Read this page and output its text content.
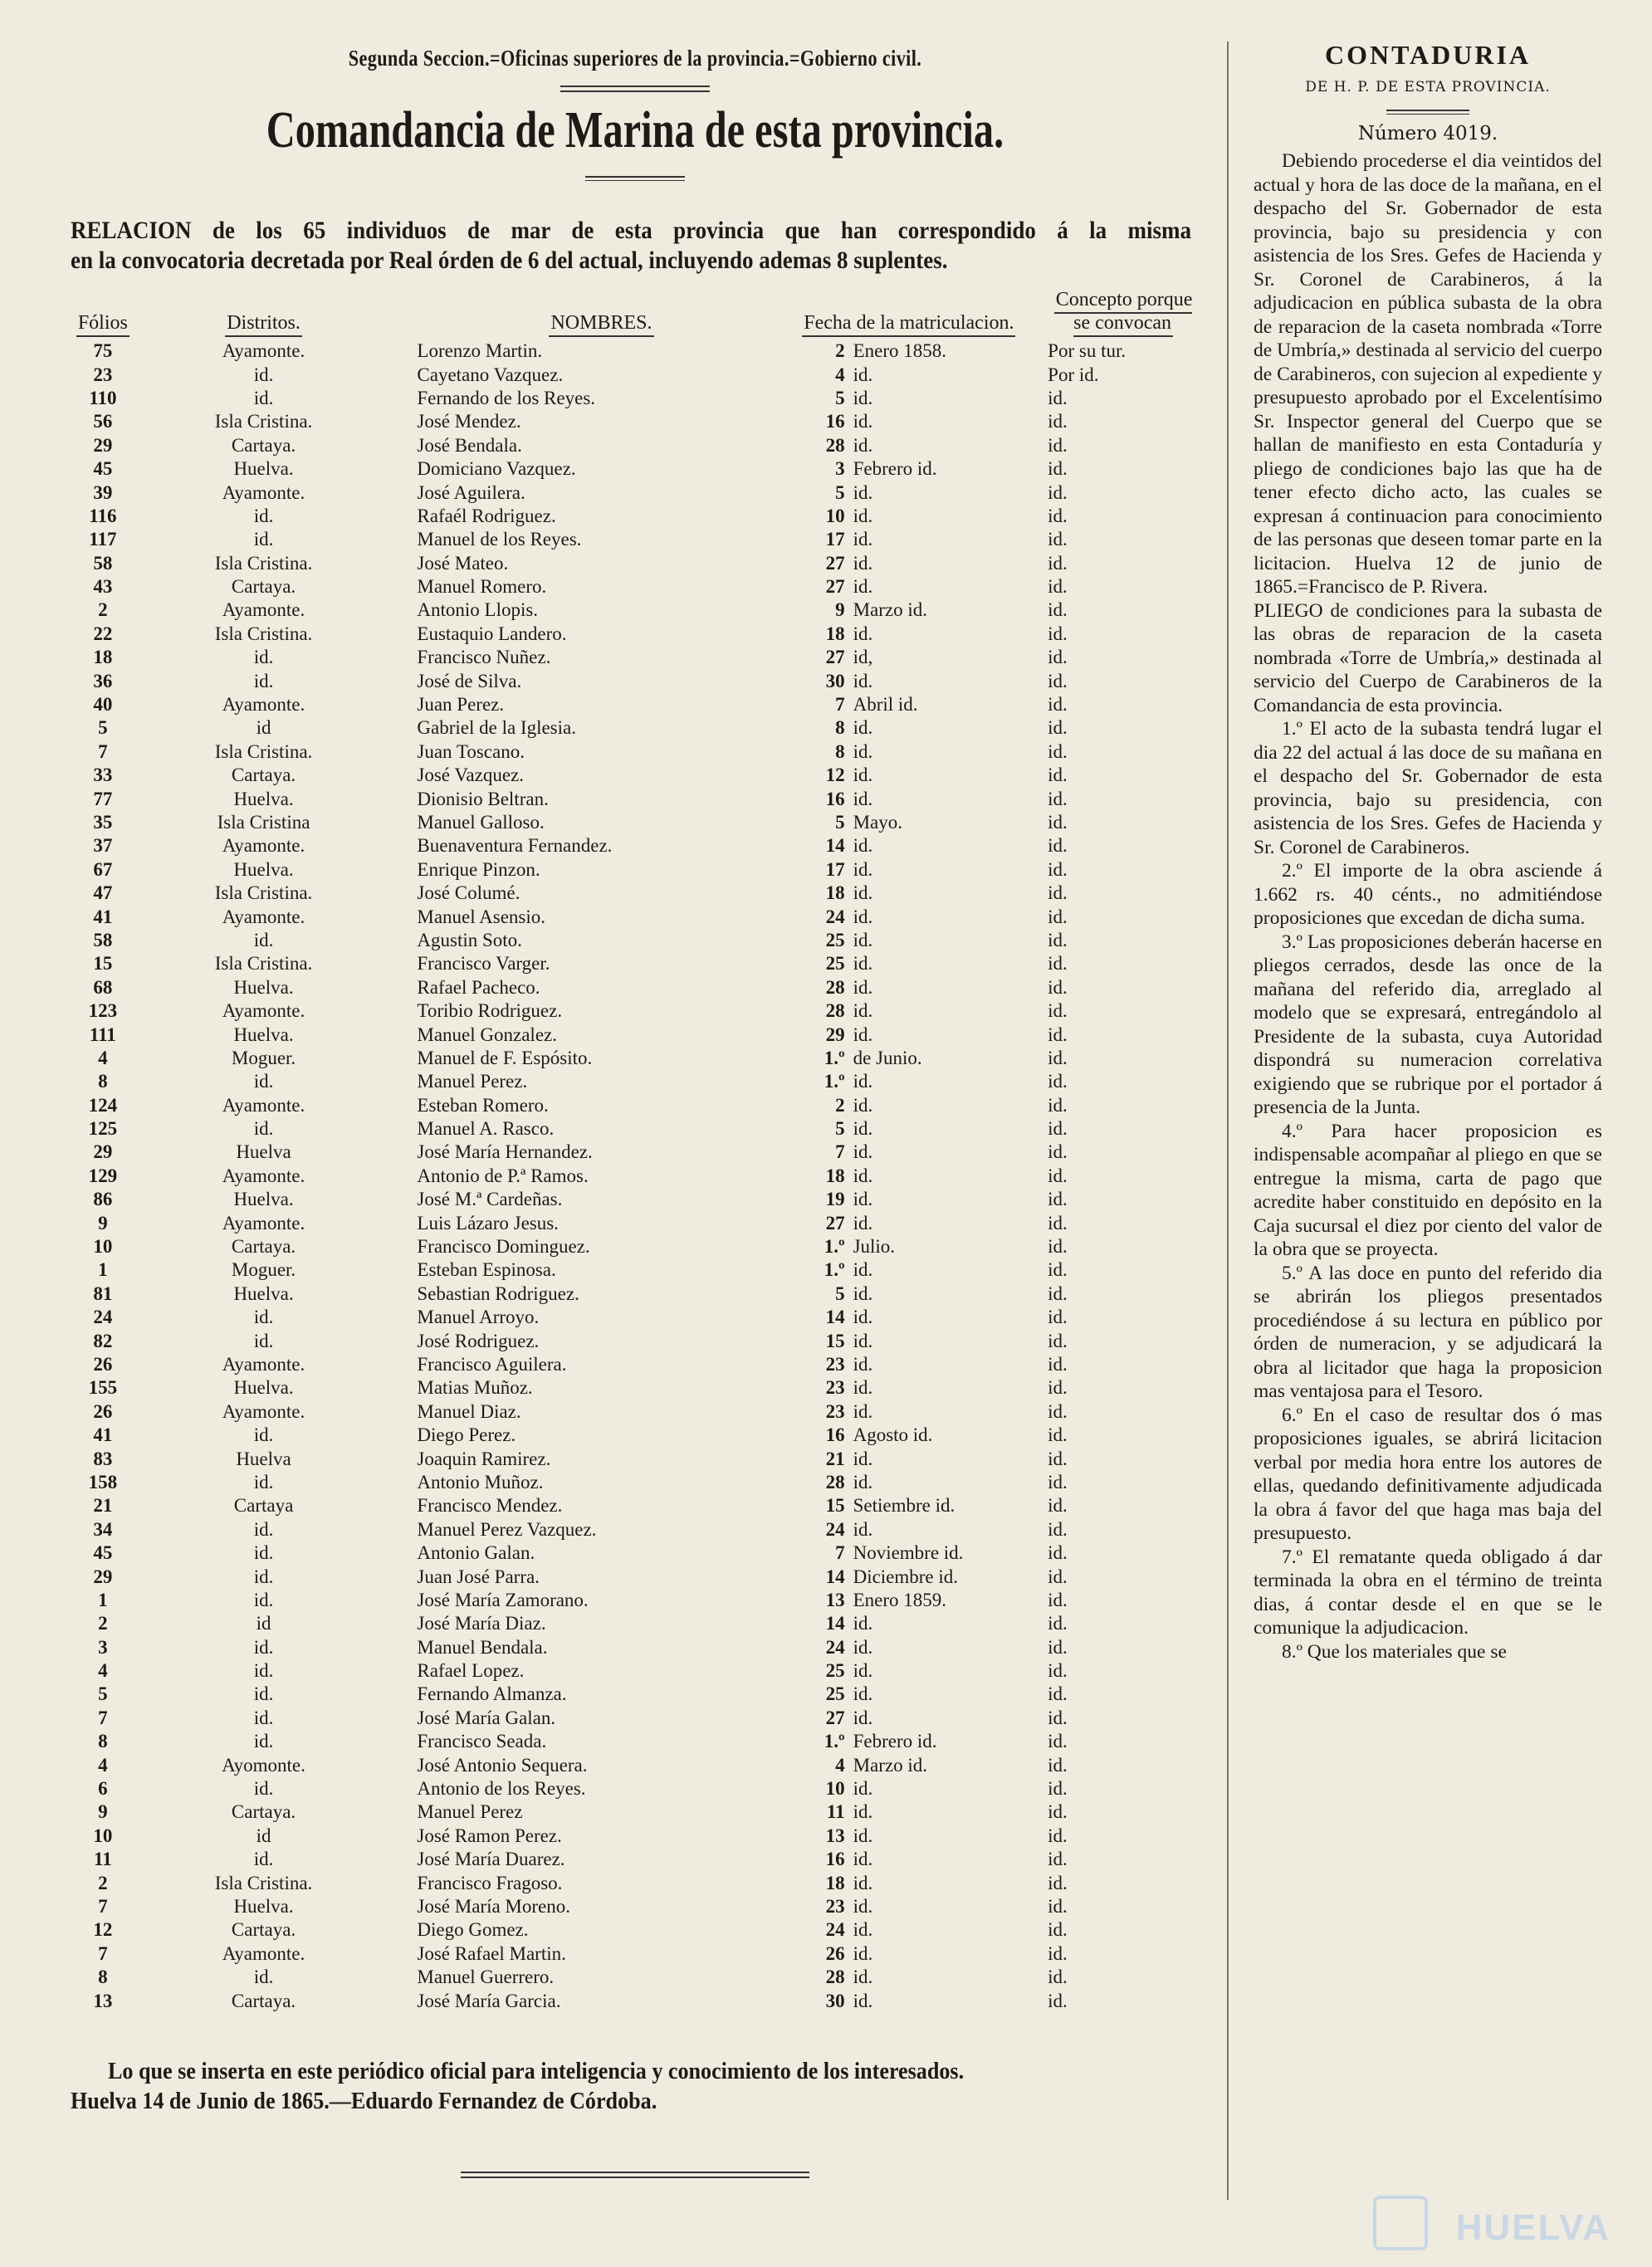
Segunda Seccion.=Oficinas superiores de la provincia.=Gobierno civil.
Comandancia de Marina de esta provincia.
RELACION de los 65 individuos de mar de esta provincia que han correspondido á la misma
en la convocatoria decretada por Real órden de 6 del actual, incluyendo ademas 8 suplentes.
Fólios	Distritos.	NOMBRES.	Fecha de la matriculacion.	Concepto porque se convocan
75	Ayamonte.	Lorenzo Martin.	2 Enero 1858.	Por su tur.
23	id.	Cayetano Vazquez.	4 id.	Por id.
110	id.	Fernando de los Reyes.	5 id.	id.
56	Isla Cristina.	José Mendez.	16 id.	id.
29	Cartaya.	José Bendala.	28 id.	id.
45	Huelva.	Domiciano Vazquez.	3 Febrero id.	id.
39	Ayamonte.	José Aguilera.	5 id.	id.
116	id.	Rafaél Rodriguez.	10 id.	id.
117	id.	Manuel de los Reyes.	17 id.	id.
58	Isla Cristina.	José Mateo.	27 id.	id.
43	Cartaya.	Manuel Romero.	27 id.	id.
2	Ayamonte.	Antonio Llopis.	9 Marzo id.	id.
22	Isla Cristina.	Eustaquio Landero.	18 id.	id.
18	id.	Francisco Nuñez.	27 id,	id.
36	id.	José de Silva.	30 id.	id.
40	Ayamonte.	Juan Perez.	7 Abril id.	id.
5	id	Gabriel de la Iglesia.	8 id.	id.
7	Isla Cristina.	Juan Toscano.	8 id.	id.
33	Cartaya.	José Vazquez.	12 id.	id.
77	Huelva.	Dionisio Beltran.	16 id.	id.
35	Isla Cristina	Manuel Galloso.	5 Mayo.	id.
37	Ayamonte.	Buenaventura Fernandez.	14 id.	id.
67	Huelva.	Enrique Pinzon.	17 id.	id.
47	Isla Cristina.	José Columé.	18 id.	id.
41	Ayamonte.	Manuel Asensio.	24 id.	id.
58	id.	Agustin Soto.	25 id.	id.
15	Isla Cristina.	Francisco Varger.	25 id.	id.
68	Huelva.	Rafael Pacheco.	28 id.	id.
123	Ayamonte.	Toribio Rodriguez.	28 id.	id.
111	Huelva.	Manuel Gonzalez.	29 id.	id.
4	Moguer.	Manuel de F. Espósito.	1.º de Junio.	id.
8	id.	Manuel Perez.	1.º id.	id.
124	Ayamonte.	Esteban Romero.	2 id.	id.
125	id.	Manuel A. Rasco.	5 id.	id.
29	Huelva	José María Hernandez.	7 id.	id.
129	Ayamonte.	Antonio de P.ª Ramos.	18 id.	id.
86	Huelva.	José M.ª Cardeñas.	19 id.	id.
9	Ayamonte.	Luis Lázaro Jesus.	27 id.	id.
10	Cartaya.	Francisco Dominguez.	1.º Julio.	id.
1	Moguer.	Esteban Espinosa.	1.º id.	id.
81	Huelva.	Sebastian Rodriguez.	5 id.	id.
24	id.	Manuel Arroyo.	14 id.	id.
82	id.	José Rodriguez.	15 id.	id.
26	Ayamonte.	Francisco Aguilera.	23 id.	id.
155	Huelva.	Matias Muñoz.	23 id.	id.
26	Ayamonte.	Manuel Diaz.	23 id.	id.
41	id.	Diego Perez.	16 Agosto id.	id.
83	Huelva	Joaquin Ramirez.	21 id.	id.
158	id.	Antonio Muñoz.	28 id.	id.
21	Cartaya	Francisco Mendez.	15 Setiembre id.	id.
34	id.	Manuel Perez Vazquez.	24 id.	id.
45	id.	Antonio Galan.	7 Noviembre id.	id.
29	id.	Juan José Parra.	14 Diciembre id.	id.
1	id.	José María Zamorano.	13 Enero 1859.	id.
2	id	José María Diaz.	14 id.	id.
3	id.	Manuel Bendala.	24 id.	id.
4	id.	Rafael Lopez.	25 id.	id.
5	id.	Fernando Almanza.	25 id.	id.
7	id.	José María Galan.	27 id.	id.
8	id.	Francisco Seada.	1.º Febrero id.	id.
4	Ayomonte.	José Antonio Sequera.	4 Marzo id.	id.
6	id.	Antonio de los Reyes.	10 id.	id.
9	Cartaya.	Manuel Perez	11 id.	id.
10	id	José Ramon Perez.	13 id.	id.
11	id.	José María Duarez.	16 id.	id.
2	Isla Cristina.	Francisco Fragoso.	18 id.	id.
7	Huelva.	José María Moreno.	23 id.	id.
12	Cartaya.	Diego Gomez.	24 id.	id.
7	Ayamonte.	José Rafael Martin.	26 id.	id.
8	id.	Manuel Guerrero.	28 id.	id.
13	Cartaya.	José María Garcia.	30 id.	id.
Lo que se inserta en este periódico oficial para inteligencia y conocimiento de los interesados.
Huelva 14 de Junio de 1865.—Eduardo Fernandez de Córdoba.
CONTADURIA
DE H. P. DE ESTA PROVINCIA.
Número 4019.

Debiendo procederse el dia veintidos del actual y hora de las doce de la mañana, en el despacho del Sr. Gobernador de esta provincia, bajo su presidencia y con asistencia de los Sres. Gefes de Hacienda y Sr. Coronel de Carabineros, á la adjudicacion en pública subasta de la obra de reparacion de la caseta nombrada «Torre de Umbría,» destinada al servicio del cuerpo de Carabineros, con sujecion al expediente y presupuesto aprobado por el Excelentísimo Sr. Inspector general del Cuerpo que se hallan de manifiesto en esta Contaduría y pliego de condiciones bajo las que ha de tener efecto dicho acto, las cuales se expresan á continuacion para conocimiento de las personas que deseen tomar parte en la licitacion. Huelva 12 de junio de 1865.=Francisco de P. Rivera.

PLIEGO de condiciones para la subasta de las obras de reparacion de la caseta nombrada «Torre de Umbría,» destinada al servicio del Cuerpo de Carabineros de la Comandancia de esta provincia.

1.º El acto de la subasta tendrá lugar el dia 22 del actual á las doce de su mañana en el despacho del Sr. Gobernador de esta provincia, bajo su presidencia, con asistencia de los Sres. Gefes de Hacienda y Sr. Coronel de Carabineros.

2.º El importe de la obra asciende á 1.662 rs. 40 cénts., no admitiéndose proposiciones que excedan de dicha suma.

3.º Las proposiciones deberán hacerse en pliegos cerrados, desde las once de la mañana del referido dia, arreglado al modelo que se expresará, entregándolo al Presidente de la subasta, cuya Autoridad dispondrá su numeracion correlativa exigiendo que se rubrique por el portador á presencia de la Junta.

4.º Para hacer proposicion es indispensable acompañar al pliego en que se entregue la misma, carta de pago que acredite haber constituido en depósito en la Caja sucursal el diez por ciento del valor de la obra que se proyecta.

5.º A las doce en punto del referido dia se abrirán los pliegos presentados procediéndose á su lectura en público por órden de numeracion, y se adjudicará la obra al licitador que haga la proposicion mas ventajosa para el Tesoro.

6.º En el caso de resultar dos ó mas proposiciones iguales, se abrirá licitacion verbal por media hora entre los autores de ellas, quedando definitivamente adjudicada la obra á favor del que haga mas baja del presupuesto.

7.º El rematante queda obligado á dar terminada la obra en el término de treinta dias, á contar desde el en que se le comunique la adjudicacion.

8.º Que los materiales que se

HUELVA
